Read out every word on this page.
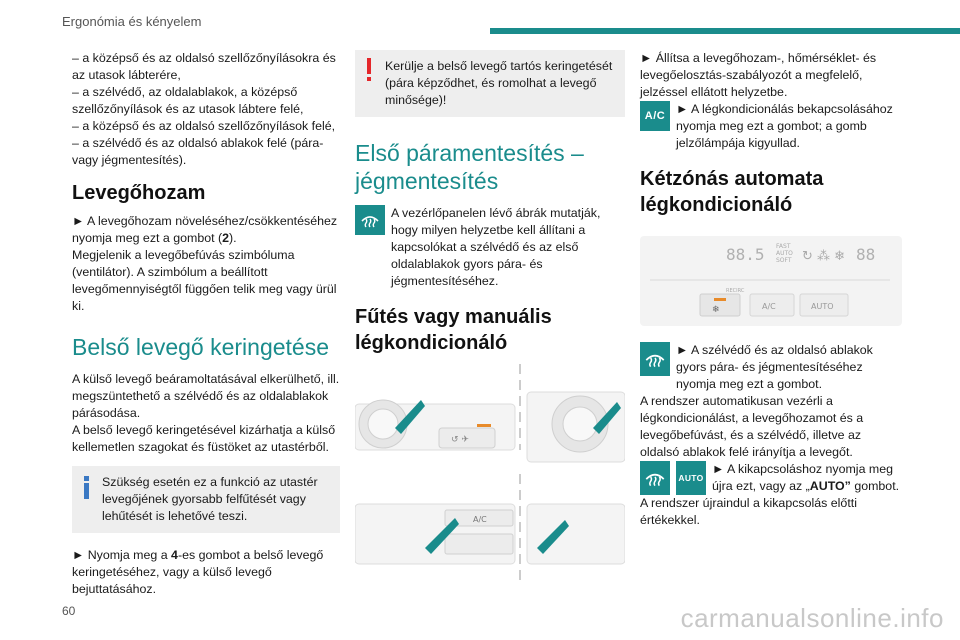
Ergonómia és kényelem

– a középső és az oldalsó szellőzőnyílásokra és az utasok lábterére,

– a szélvédő, az oldalablakok, a középső szellőzőnyílások és az utasok lábtere felé,

– a középső és az oldalsó szellőzőnyílások felé,

– a szélvédő és az oldalsó ablakok felé (pára-vagy jégmentesítés).

Levegőhozam

► A levegőhozam növeléséhez/csökkentéséhez nyomja meg ezt a gombot (2).

Megjelenik a levegőbefúvás szimbóluma (ventilátor). A szimbólum a beállított levegőmennyiségtől függően telik meg vagy ürül ki.

Belső levegő keringetése

A külső levegő beáramoltatásával elkerülhető, ill. megszüntethető a szélvédő és az oldalablakok párásodása.

A belső levegő keringetésével kizárhatja a külső kellemetlen szagokat és füstöket az utastérből.

Szükség esetén ez a funkció az utastér levegőjének gyorsabb felfűtését vagy lehűtését is lehetővé teszi.

► Nyomja meg a 4-es gombot a belső levegő keringetéséhez, vagy a külső levegő bejuttatásához.

Kerülje a belső levegő tartós keringetését (pára képződhet, és romolhat a levegő minősége)!

Első páramentesítés – jégmentesítés

A vezérlőpanelen lévő ábrák mutatják, hogy milyen helyzetbe kell állítani a kapcsolókat a szélvédő és az első oldalablakok gyors pára- és jégmentesítéséhez.

Fűtés vagy manuális légkondicionáló
↺ ✈
A/C

► Állítsa a levegőhozam-, hőmérséklet- és levegőelosztás-szabályozót a megfelelő, jelzéssel ellátott helyzetbe.

A/C ► A légkondicionálás bekapcsolásához nyomja meg ezt a gombot; a gomb jelzőlámpája kigyullad.

Kétzónás automata légkondicionáló
88.5 FAST
AUTO
SOFT ↻ ⁂ ❄ 88
RECIRC
❄	A/C	AUTO

► A szélvédő és az oldalsó ablakok gyors pára- és jégmentesítéséhez nyomja meg ezt a gombot.

A rendszer automatikusan vezérli a légkondicionálást, a levegőhozamot és a levegőbefúvást, és a szélvédő, illetve az oldalsó ablakok felé irányítja a levegőt.

AUTO

► A kikapcsoláshoz nyomja meg újra ezt, vagy az „AUTO” gombot.

A rendszer újraindul a kikapcsolás előtti értékekkel.

60	carmanualsonline.info
